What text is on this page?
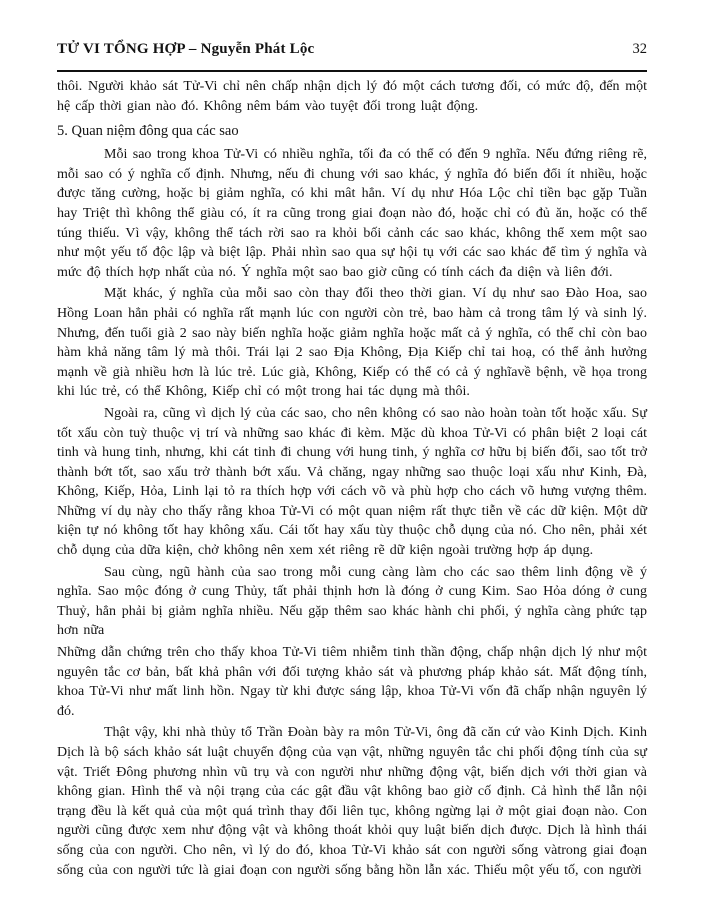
TỬ VI TỔNG HỢP – Nguyễn Phát Lộc	32

thôi. Người khảo sát Tử-Vi chỉ nên chấp nhận dịch lý đó một cách tương đối, có mức độ, đến một hệ cấp thời gian nào đó. Không nêm bám vào tuyệt đối trong luật động.

5. Quan niệm đông qua các sao

Mỗi sao trong khoa Tử-Vi có nhiều nghĩa, tối đa có thể có đến 9 nghĩa. Nếu đứng riêng rẽ, mỗi sao có ý nghĩa cố định. Nhưng, nếu đi chung với sao khác, ý nghĩa đó biến đổi ít nhiều, hoặc được tăng cường, hoặc bị giảm nghĩa, có khi mât hẳn. Ví dụ như Hóa Lộc chỉ tiền bạc gặp Tuần hay Triệt thì không thể giàu có, ít ra cũng trong giai đoạn nào đó, hoặc chỉ có đủ ăn, hoặc có thể túng thiếu. Vì vậy, không thể tách rời sao ra khỏi bối cảnh các sao khác, không thể xem một sao như một yếu tố độc lập và biệt lập. Phải nhìn sao qua sự hội tụ với các sao khác để tìm ý nghĩa và mức độ thích hợp nhất của nó. Ý nghĩa một sao bao giờ cũng có tính cách đa diện và liên đới.

Mặt khác, ý nghĩa của mỗi sao còn thay đổi theo thời gian. Ví dụ như sao Đào Hoa, sao Hồng Loan hẳn phải có nghĩa rất mạnh lúc con người còn trẻ, bao hàm cả trong tâm lý và sinh lý. Nhưng, đến tuổi già 2 sao này biến nghĩa hoặc giảm nghĩa hoặc mất cả ý nghĩa, có thể chỉ còn bao hàm khả năng tâm lý mà thôi. Trái lại 2 sao Địa Không, Địa Kiếp chỉ tai hoạ, có thể ảnh hưởng mạnh về già nhiều hơn là lúc trẻ. Lúc già, Không, Kiếp có thể có cả ý nghĩavề bệnh, về họa trong khi lúc trẻ, có thể Không, Kiếp chỉ có một trong hai tác dụng mà thôi.

Ngoài ra, cũng vì dịch lý của các sao, cho nên không có sao nào hoàn toàn tốt hoặc xấu. Sự tốt xấu còn tuỳ thuộc vị trí và những sao khác đi kèm. Mặc dù khoa Tử-Vi có phân biệt 2 loại cát tinh và hung tinh, nhưng, khi cát tinh đi chung với hung tinh, ý nghĩa cơ hữu bị biến đổi, sao tốt trở thành bớt tốt, sao xấu trở thành bớt xấu. Vả chăng, ngay những sao thuộc loại xấu như Kinh, Đà, Không, Kiếp, Hỏa, Linh lại tỏ ra thích hợp với cách võ và phù hợp cho cách võ hưng vượng thêm. Những ví dụ này cho thấy rằng khoa Tử-Vi có một quan niệm rất thực tiễn về các dữ kiện. Một dữ kiện tự nó không tốt hay không xấu. Cái tốt hay xấu tùy thuộc chỗ dụng của nó. Cho nên, phải xét chỗ dụng của dữa kiện, chở không nên xem xét riêng rẽ dữ kiện ngoài trường hợp áp dụng.

Sau cùng, ngũ hành của sao trong mỗi cung càng làm cho các sao thêm linh động về ý nghĩa. Sao mộc đóng ở cung Thủy, tất phải thịnh hơn là đóng ở cung Kim. Sao Hỏa dóng ở cung Thuỷ, hẳn phải bị giảm nghĩa nhiều. Nếu gặp thêm sao khác hành chi phối, ý nghĩa càng phức tạp hơn nữa

Những dẫn chứng trên cho thấy khoa Tử-Vi tiêm nhiễm tinh thần động, chấp nhận dịch lý như một nguyên tắc cơ bản, bất khả phân với đối tượng khảo sát và phương pháp khảo sát. Mất động tính, khoa Tử-Vi như mất linh hồn. Ngay từ khi được sáng lập, khoa Tử-Vi vốn đã chấp nhận nguyên lý đó.

Thật vậy, khi nhà thủy tổ Trần Đoàn bày ra môn Tử-Vi, ông đã căn cứ vào Kinh Dịch. Kinh Dịch là bộ sách khảo sát luật chuyển động của vạn vật, những nguyên tắc chi phối động tính của sự vật. Triết Đông phương nhìn vũ trụ và con người như những động vật, biến dịch với thời gian và không gian. Hình thể và nội trạng của các gật đầu vật không bao giờ cố định. Cả hình thể lẫn nội trạng đều là kết quả của một quá trình thay đổi liên tục, không ngừng lại ở một giai đoạn nào. Con người cũng được xem như động vật và không thoát khỏi quy luật biến dịch được. Dịch là hình thái sống của con người. Cho nên, vì lý do đó, khoa Tử-Vi khảo sát con người sống vàtrong giai đoạn sống của con người tức là giai đoạn con người sống bằng hồn lẫn xác. Thiếu một yếu tố, con người
